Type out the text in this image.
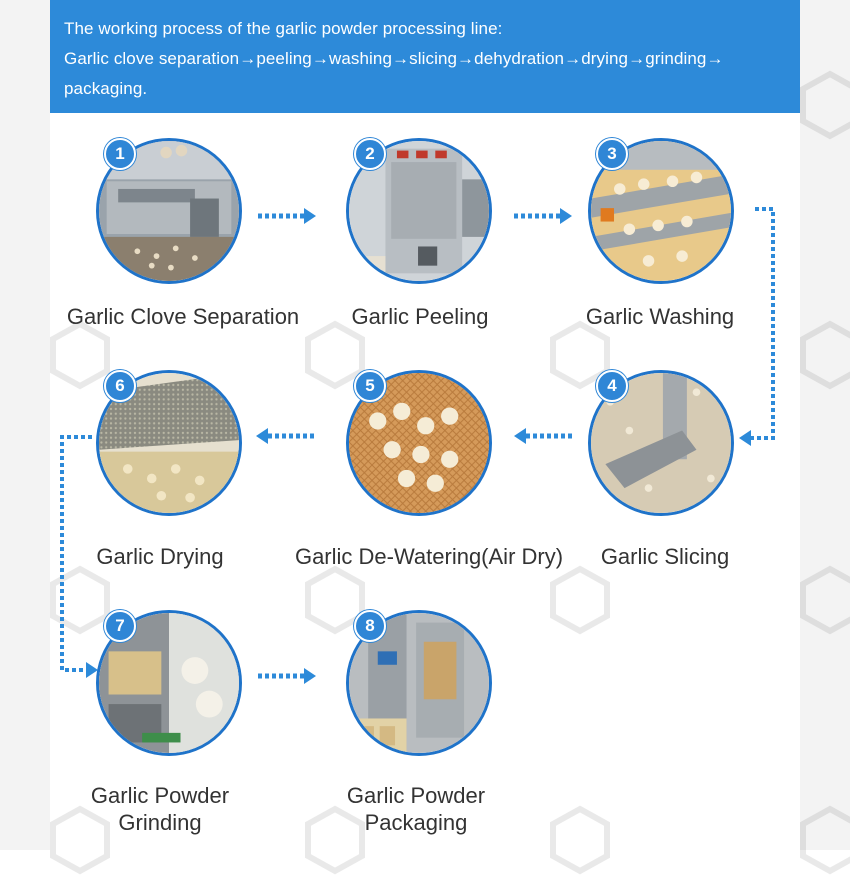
The working process of the garlic powder processing line:
Garlic clove separation→peeling→washing→slicing→dehydration→drying→grinding→
packaging.
1
Garlic Clove Separation
2
Garlic Peeling
3
Garlic Washing
4
Garlic Slicing
5
Garlic De-Watering(Air Dry)
6
Garlic Drying
7
Garlic Powder
Grinding
8
Garlic Powder
Packaging
